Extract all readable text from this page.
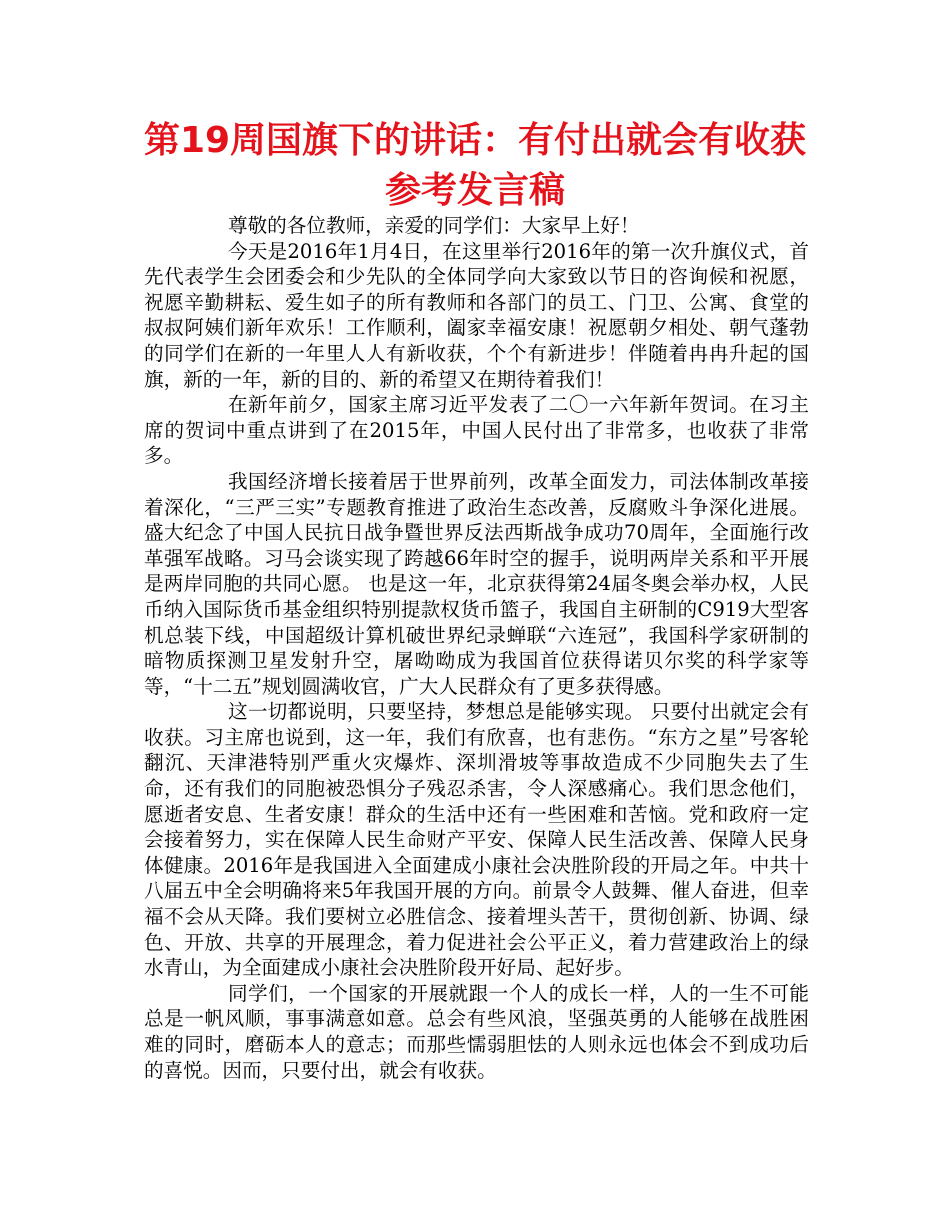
第19周国旗下的讲话：有付出就会有收获
参考发言稿

尊敬的各位教师，亲爱的同学们：大家早上好！

今天是2016年1月4日，在这里举行2016年的第一次升旗仪式，首先代表学生会团委会和少先队的全体同学向大家致以节日的咨询候和祝愿，祝愿辛勤耕耘、爱生如子的所有教师和各部门的员工、门卫、公寓、食堂的叔叔阿姨们新年欢乐！工作顺利，阖家幸福安康！祝愿朝夕相处、朝气蓬勃的同学们在新的一年里人人有新收获，个个有新进步！伴随着冉冉升起的国旗，新的一年，新的目的、新的希望又在期待着我们！

在新年前夕，国家主席习近平发表了二〇一六年新年贺词。在习主席的贺词中重点讲到了在2015年，中国人民付出了非常多，也收获了非常多。

我国经济增长接着居于世界前列，改革全面发力，司法体制改革接着深化，“三严三实”专题教育推进了政治生态改善，反腐败斗争深化进展。盛大纪念了中国人民抗日战争暨世界反法西斯战争成功70周年，全面施行改革强军战略。习马会谈实现了跨越66年时空的握手，说明两岸关系和平开展是两岸同胞的共同心愿。 也是这一年，北京获得第24届冬奥会举办权，人民币纳入国际货币基金组织特别提款权货币篮子，我国自主研制的C919大型客机总装下线，中国超级计算机破世界纪录蝉联“六连冠”，我国科学家研制的暗物质探测卫星发射升空，屠呦呦成为我国首位获得诺贝尔奖的科学家等等，“十二五”规划圆满收官，广大人民群众有了更多获得感。

这一切都说明，只要坚持，梦想总是能够实现。 只要付出就定会有收获。习主席也说到，这一年，我们有欣喜，也有悲伤。“东方之星”号客轮翻沉、天津港特别严重火灾爆炸、深圳滑坡等事故造成不少同胞失去了生命，还有我们的同胞被恐惧分子残忍杀害，令人深感痛心。我们思念他们，愿逝者安息、生者安康！群众的生活中还有一些困难和苦恼。党和政府一定会接着努力，实在保障人民生命财产平安、保障人民生活改善、保障人民身体健康。2016年是我国进入全面建成小康社会决胜阶段的开局之年。中共十八届五中全会明确将来5年我国开展的方向。前景令人鼓舞、催人奋进，但幸福不会从天降。我们要树立必胜信念、接着埋头苦干，贯彻创新、协调、绿色、开放、共享的开展理念，着力促进社会公平正义，着力营建政治上的绿水青山，为全面建成小康社会决胜阶段开好局、起好步。

同学们，一个国家的开展就跟一个人的成长一样，人的一生不可能总是一帆风顺，事事满意如意。总会有些风浪，坚强英勇的人能够在战胜困难的同时，磨砺本人的意志；而那些懦弱胆怯的人则永远也体会不到成功后的喜悦。因而，只要付出，就会有收获。
